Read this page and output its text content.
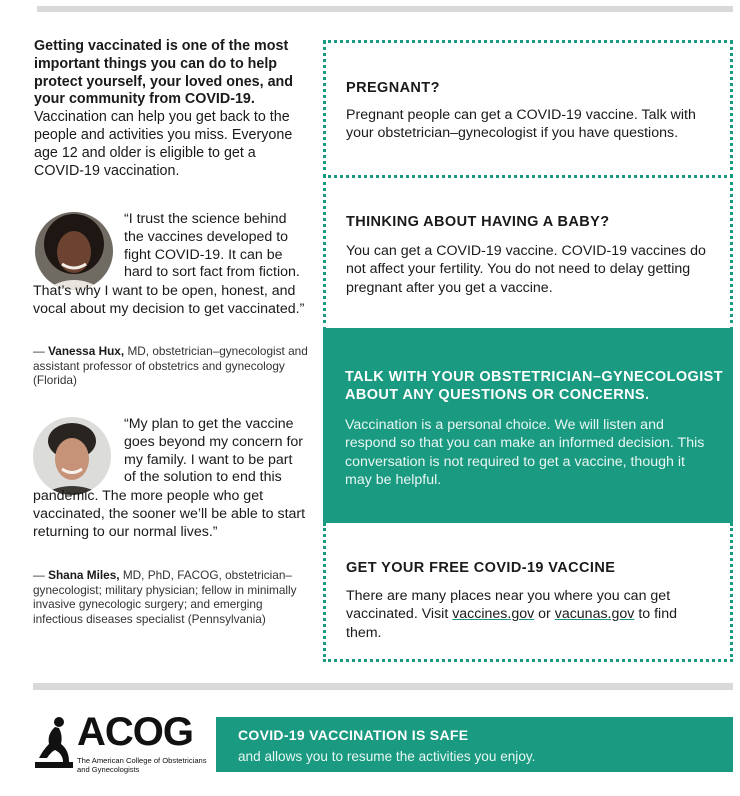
Getting vaccinated is one of the most important things you can do to help protect yourself, your loved ones, and your community from COVID-19. Vaccination can help you get back to the people and activities you miss. Everyone age 12 and older is eligible to get a COVID-19 vaccination.
“I trust the science behind the vaccines developed to fight COVID-19. It can be hard to sort fact from fiction.
That’s why I want to be open, honest, and vocal about my decision to get vaccinated.”
— Vanessa Hux, MD, obstetrician–gynecologist and assistant professor of obstetrics and gynecology (Florida)
“My plan to get the vaccine goes beyond my concern for my family. I want to be part of the solution to end this
pandemic. The more people who get vaccinated, the sooner we’ll be able to start returning to our normal lives.”
— Shana Miles, MD, PhD, FACOG, obstetrician–gynecologist; military physician; fellow in minimally invasive gynecologic surgery; and emerging infectious diseases specialist (Pennsylvania)
PREGNANT?

Pregnant people can get a COVID-19 vaccine. Talk with your obstetrician–gynecologist if you have questions.

THINKING ABOUT HAVING A BABY?

You can get a COVID-19 vaccine. COVID-19 vaccines do not affect your fertility. You do not need to delay getting pregnant after you get a vaccine.

TALK WITH YOUR OBSTETRICIAN–GYNECOLOGIST ABOUT ANY QUESTIONS OR CONCERNS.

Vaccination is a personal choice. We will listen and respond so that you can make an informed decision. This conversation is not required to get a vaccine, though it may be helpful.

GET YOUR FREE COVID-19 VACCINE

There are many places near you where you can get vaccinated. Visit vaccines.gov or vacunas.gov to find them.

ACOG
The American College of Obstetricians and Gynecologists
COVID-19 VACCINATION IS SAFE
and allows you to resume the activities you enjoy.
